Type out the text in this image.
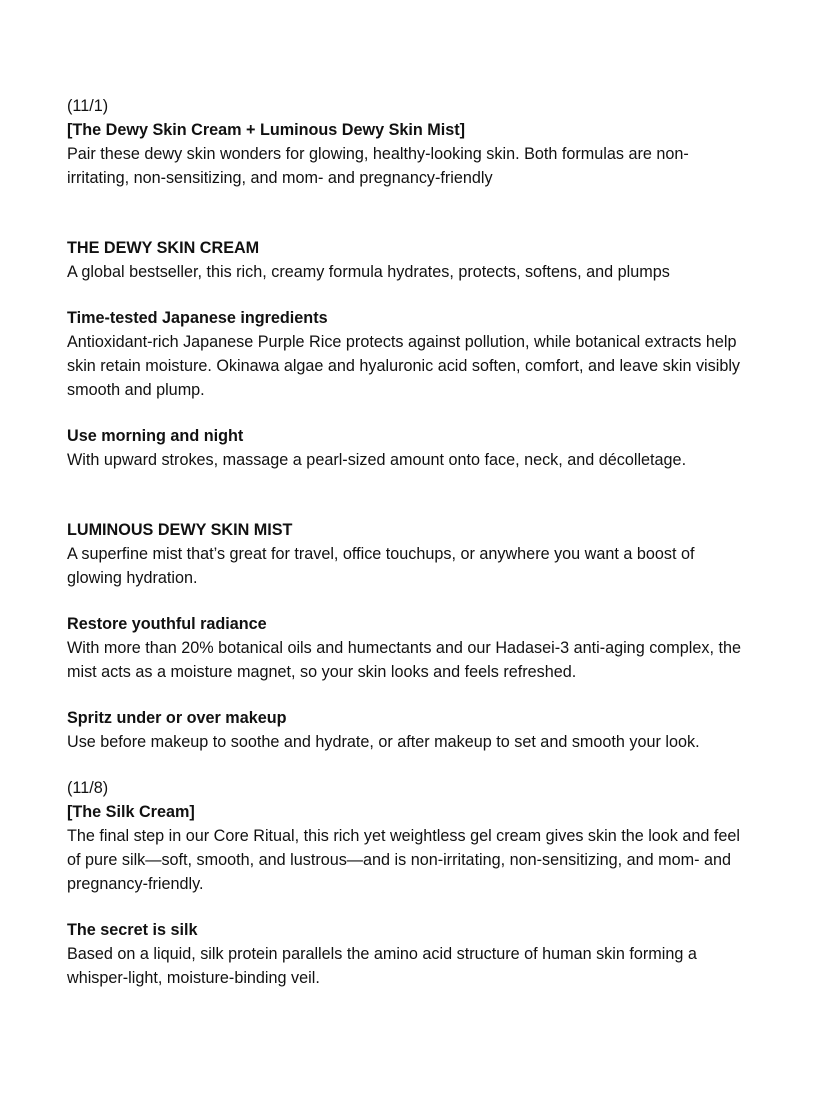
(11/1)

[The Dewy Skin Cream + Luminous Dewy Skin Mist]

Pair these dewy skin wonders for glowing, healthy-looking skin. Both formulas are non-irritating, non-sensitizing, and mom- and pregnancy-friendly

THE DEWY SKIN CREAM

A global bestseller, this rich, creamy formula hydrates, protects, softens, and plumps

Time-tested Japanese ingredients

Antioxidant-rich Japanese Purple Rice protects against pollution, while botanical extracts help skin retain moisture. Okinawa algae and hyaluronic acid soften, comfort, and leave skin visibly smooth and plump.

Use morning and night

With upward strokes, massage a pearl-sized amount onto face, neck, and décolletage.

LUMINOUS DEWY SKIN MIST

A superfine mist that’s great for travel, office touchups, or anywhere you want a boost of glowing hydration.

Restore youthful radiance

With more than 20% botanical oils and humectants and our Hadasei-3 anti-aging complex, the mist acts as a moisture magnet, so your skin looks and feels refreshed.

Spritz under or over makeup

Use before makeup to soothe and hydrate, or after makeup to set and smooth your look.

(11/8)

[The Silk Cream]

The final step in our Core Ritual, this rich yet weightless gel cream gives skin the look and feel of pure silk—soft, smooth, and lustrous—and is non-irritating, non-sensitizing, and mom- and pregnancy-friendly.

The secret is silk

Based on a liquid, silk protein parallels the amino acid structure of human skin forming a whisper-light, moisture-binding veil.
